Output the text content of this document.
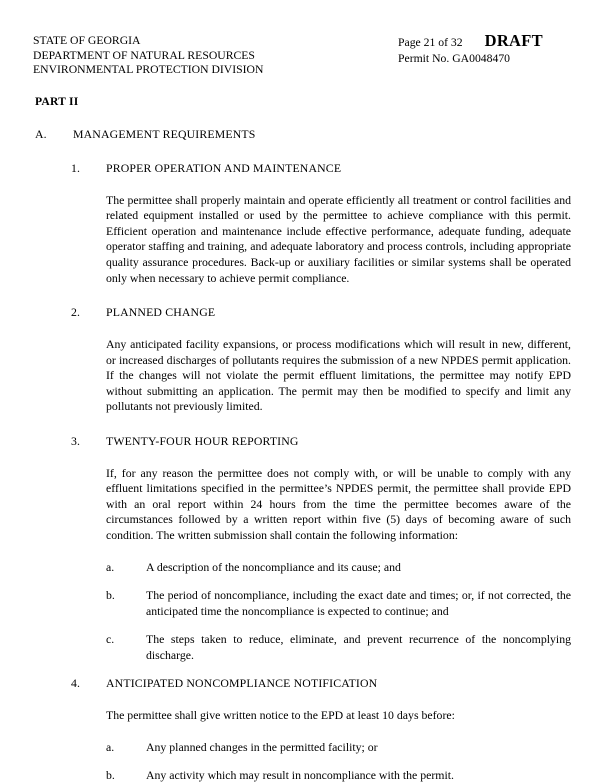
STATE OF GEORGIA
DEPARTMENT OF NATURAL RESOURCES
ENVIRONMENTAL PROTECTION DIVISION
Page 21 of 32 DRAFT
Permit No. GA0048470
PART II
A.	MANAGEMENT REQUIREMENTS
1.	PROPER OPERATION AND MAINTENANCE
The permittee shall properly maintain and operate efficiently all treatment or control facilities and related equipment installed or used by the permittee to achieve compliance with this permit. Efficient operation and maintenance include effective performance, adequate funding, adequate operator staffing and training, and adequate laboratory and process controls, including appropriate quality assurance procedures. Back-up or auxiliary facilities or similar systems shall be operated only when necessary to achieve permit compliance.
2.	PLANNED CHANGE
Any anticipated facility expansions, or process modifications which will result in new, different, or increased discharges of pollutants requires the submission of a new NPDES permit application. If the changes will not violate the permit effluent limitations, the permittee may notify EPD without submitting an application. The permit may then be modified to specify and limit any pollutants not previously limited.
3.	TWENTY-FOUR HOUR REPORTING
If, for any reason the permittee does not comply with, or will be unable to comply with any effluent limitations specified in the permittee’s NPDES permit, the permittee shall provide EPD with an oral report within 24 hours from the time the permittee becomes aware of the circumstances followed by a written report within five (5) days of becoming aware of such condition. The written submission shall contain the following information:
a.	A description of the noncompliance and its cause; and
b.	The period of noncompliance, including the exact date and times; or, if not corrected, the anticipated time the noncompliance is expected to continue; and
c.	The steps taken to reduce, eliminate, and prevent recurrence of the noncomplying discharge.
4.	ANTICIPATED NONCOMPLIANCE NOTIFICATION
The permittee shall give written notice to the EPD at least 10 days before:
a.	Any planned changes in the permitted facility; or
b.	Any activity which may result in noncompliance with the permit.
